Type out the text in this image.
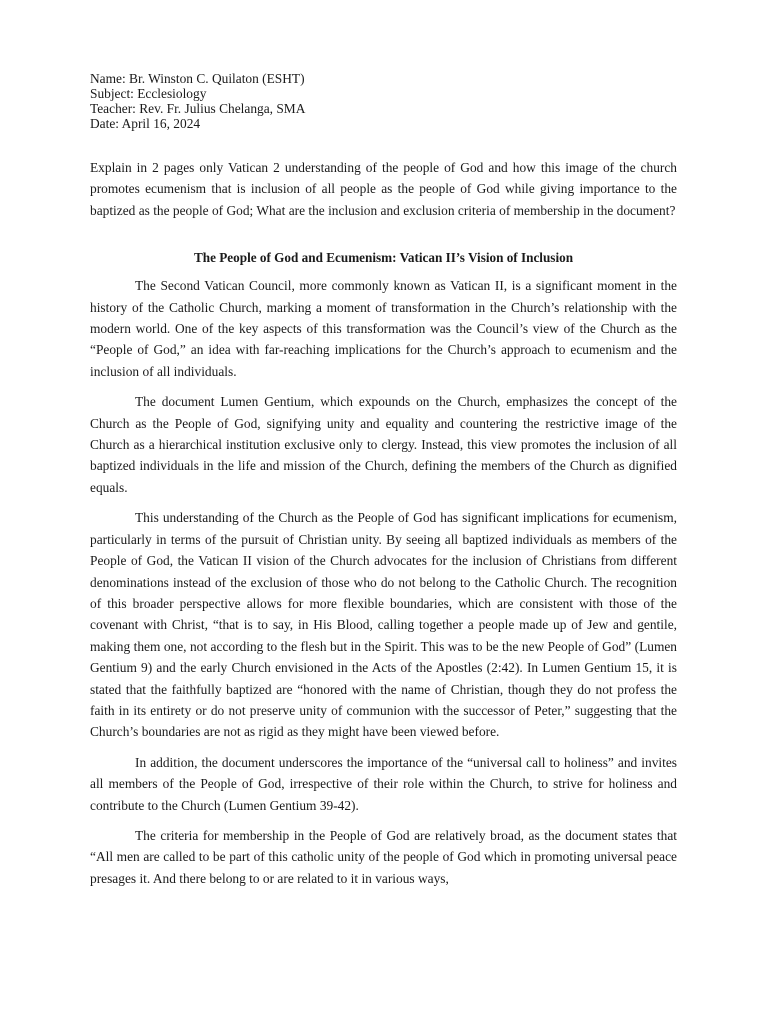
Name: Br. Winston C. Quilaton (ESHT)
Subject: Ecclesiology
Teacher: Rev. Fr. Julius Chelanga, SMA
Date: April 16, 2024

Explain in 2 pages only Vatican 2 understanding of the people of God and how this image of the church promotes ecumenism that is inclusion of all people as the people of God while giving importance to the baptized as the people of God; What are the inclusion and exclusion criteria of membership in the document?

The People of God and Ecumenism: Vatican II’s Vision of Inclusion

The Second Vatican Council, more commonly known as Vatican II, is a significant moment in the history of the Catholic Church, marking a moment of transformation in the Church’s relationship with the modern world. One of the key aspects of this transformation was the Council’s view of the Church as the “People of God,” an idea with far-reaching implications for the Church’s approach to ecumenism and the inclusion of all individuals.

The document Lumen Gentium, which expounds on the Church, emphasizes the concept of the Church as the People of God, signifying unity and equality and countering the restrictive image of the Church as a hierarchical institution exclusive only to clergy. Instead, this view promotes the inclusion of all baptized individuals in the life and mission of the Church, defining the members of the Church as dignified equals.

This understanding of the Church as the People of God has significant implications for ecumenism, particularly in terms of the pursuit of Christian unity. By seeing all baptized individuals as members of the People of God, the Vatican II vision of the Church advocates for the inclusion of Christians from different denominations instead of the exclusion of those who do not belong to the Catholic Church. The recognition of this broader perspective allows for more flexible boundaries, which are consistent with those of the covenant with Christ, “that is to say, in His Blood, calling together a people made up of Jew and gentile, making them one, not according to the flesh but in the Spirit. This was to be the new People of God” (Lumen Gentium 9) and the early Church envisioned in the Acts of the Apostles (2:42). In Lumen Gentium 15, it is stated that the faithfully baptized are “honored with the name of Christian, though they do not profess the faith in its entirety or do not preserve unity of communion with the successor of Peter,” suggesting that the Church’s boundaries are not as rigid as they might have been viewed before.

In addition, the document underscores the importance of the “universal call to holiness” and invites all members of the People of God, irrespective of their role within the Church, to strive for holiness and contribute to the Church (Lumen Gentium 39-42).

The criteria for membership in the People of God are relatively broad, as the document states that “All men are called to be part of this catholic unity of the people of God which in promoting universal peace presages it. And there belong to or are related to it in various ways,
